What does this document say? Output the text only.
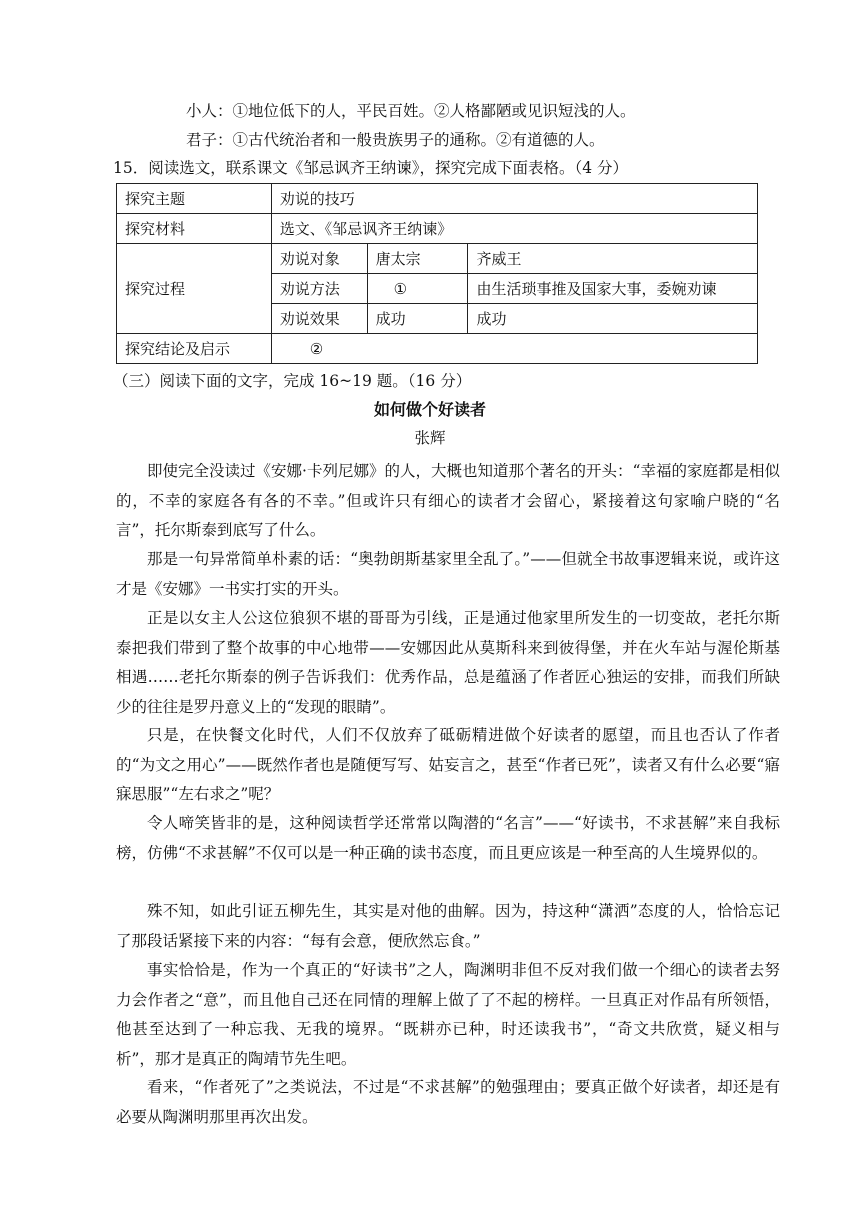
小人：①地位低下的人，平民百姓。②人格鄙陋或见识短浅的人。
君子：①古代统治者和一般贵族男子的通称。②有道德的人。
15．阅读选文，联系课文《邹忌讽齐王纳谏》，探究完成下面表格。（4 分）
探究主题	劝说的技巧		
探究材料	选文、《邹忌讽齐王纳谏》		
探究过程	劝说对象	唐太宗	齐威王
	劝说方法	①	由生活琐事推及国家大事，委婉劝谏
	劝说效果	成功	成功
探究结论及启示	②		
（三）阅读下面的文字，完成 16~19 题。（16 分）
如何做个好读者
张辉

即使完全没读过《安娜·卡列尼娜》的人，大概也知道那个著名的开头：“幸福的家庭都是相似的，不幸的家庭各有各的不幸。”但或许只有细心的读者才会留心，紧接着这句家喻户晓的“名言”，托尔斯泰到底写了什么。

那是一句异常简单朴素的话：“奥勃朗斯基家里全乱了。”——但就全书故事逻辑来说，或许这才是《安娜》一书实打实的开头。

正是以女主人公这位狼狈不堪的哥哥为引线，正是通过他家里所发生的一切变故，老托尔斯泰把我们带到了整个故事的中心地带——安娜因此从莫斯科来到彼得堡，并在火车站与渥伦斯基相遇……老托尔斯泰的例子告诉我们：优秀作品，总是蕴涵了作者匠心独运的安排，而我们所缺少的往往是罗丹意义上的“发现的眼睛”。

只是，在快餐文化时代，人们不仅放弃了砥砺精进做个好读者的愿望，而且也否认了作者的“为文之用心”——既然作者也是随便写写、姑妄言之，甚至“作者已死”，读者又有什么必要“寤寐思服”“左右求之”呢？

令人啼笑皆非的是，这种阅读哲学还常常以陶潜的“名言”——“好读书，不求甚解”来自我标榜，仿佛“不求甚解”不仅可以是一种正确的读书态度，而且更应该是一种至高的人生境界似的。

殊不知，如此引证五柳先生，其实是对他的曲解。因为，持这种“潇洒”态度的人，恰恰忘记了那段话紧接下来的内容：“每有会意，便欣然忘食。”

事实恰恰是，作为一个真正的“好读书”之人，陶渊明非但不反对我们做一个细心的读者去努力会作者之“意”，而且他自己还在同情的理解上做了了不起的榜样。一旦真正对作品有所领悟，他甚至达到了一种忘我、无我的境界。“既耕亦已种，时还读我书”，“奇文共欣赏，疑义相与析”，那才是真正的陶靖节先生吧。

看来，“作者死了”之类说法，不过是“不求甚解”的勉强理由；要真正做个好读者，却还是有必要从陶渊明那里再次出发。
